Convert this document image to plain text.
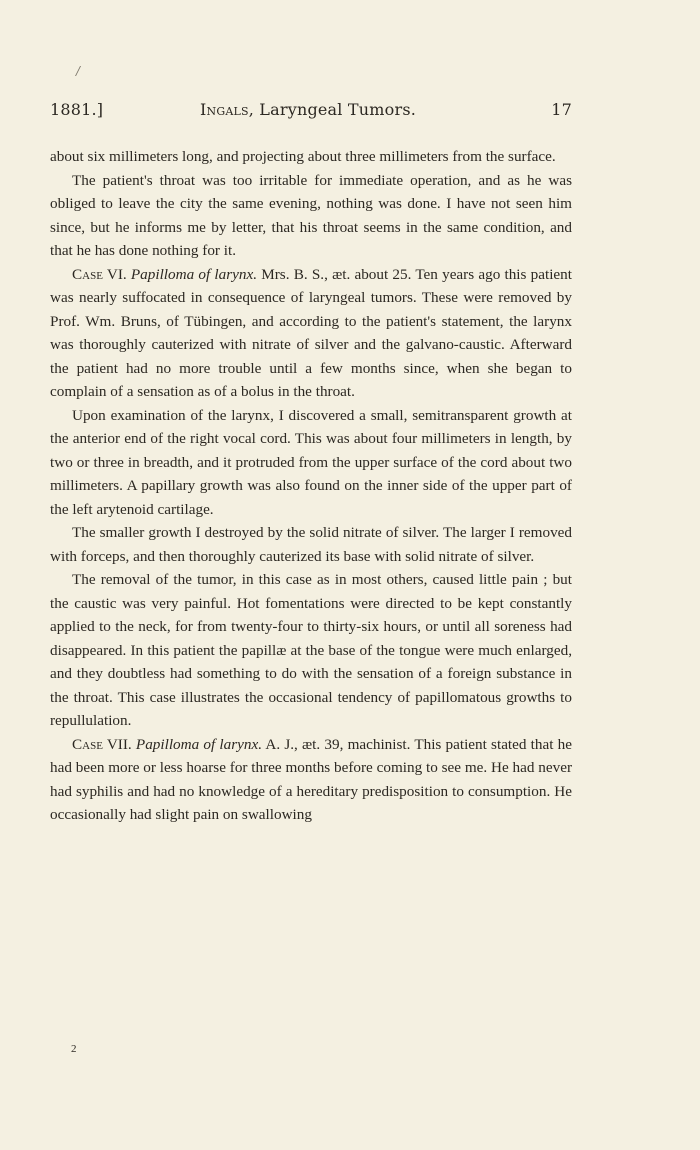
/
1881.]	Ingals, Laryngeal Tumors.	17

about six millimeters long, and projecting about three millimeters from the surface.

The patient's throat was too irritable for immediate operation, and as he was obliged to leave the city the same evening, nothing was done. I have not seen him since, but he informs me by letter, that his throat seems in the same condition, and that he has done nothing for it.

Case VI. Papilloma of larynx. Mrs. B. S., æt. about 25. Ten years ago this patient was nearly suffocated in consequence of laryngeal tumors. These were removed by Prof. Wm. Bruns, of Tübingen, and according to the patient's statement, the larynx was thoroughly cauterized with nitrate of silver and the galvano-caustic. Afterward the patient had no more trouble until a few months since, when she began to complain of a sensation as of a bolus in the throat.

Upon examination of the larynx, I discovered a small, semitransparent growth at the anterior end of the right vocal cord. This was about four millimeters in length, by two or three in breadth, and it protruded from the upper surface of the cord about two millimeters. A papillary growth was also found on the inner side of the upper part of the left arytenoid cartilage.

The smaller growth I destroyed by the solid nitrate of silver. The larger I removed with forceps, and then thoroughly cauterized its base with solid nitrate of silver.

The removal of the tumor, in this case as in most others, caused little pain ; but the caustic was very painful. Hot fomentations were directed to be kept constantly applied to the neck, for from twenty-four to thirty-six hours, or until all soreness had disappeared. In this patient the papillæ at the base of the tongue were much enlarged, and they doubtless had something to do with the sensation of a foreign substance in the throat. This case illustrates the occasional tendency of papillomatous growths to repullulation.

Case VII. Papilloma of larynx. A. J., æt. 39, machinist. This patient stated that he had been more or less hoarse for three months before coming to see me. He had never had syphilis and had no knowledge of a hereditary predisposition to consumption. He occasionally had slight pain on swallowing

2
